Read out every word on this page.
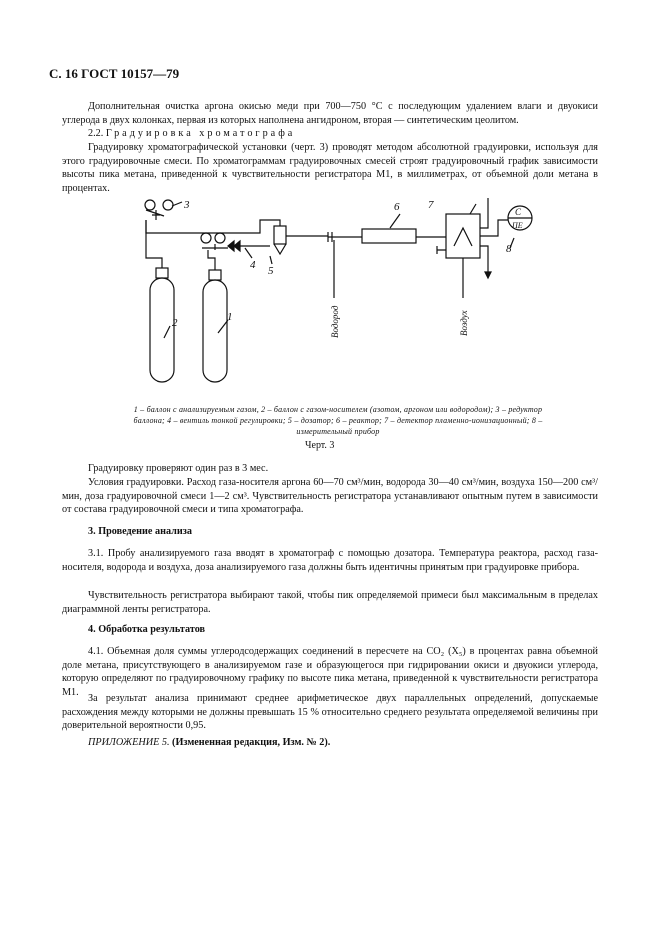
С. 16 ГОСТ 10157—79
Дополнительная очистка аргона окисью меди при 700—750 °С с последующим удалением влаги и двуокиси углерода в двух колонках, первая из которых наполнена ангидроном, вторая — синтетическим цеолитом.
2.2. Градуировка хроматографа
Градуировку хроматографической установки (черт. 3) проводят методом абсолютной градуировки, используя для этого градуировочные смеси. По хроматограммам градуировочных смесей строят градуировочный график зависимости высоты пика метана, приведенной к чувствительности регистратора М1, в миллиметрах, от объемной доли метана в процентах.
2	1
3
4 5
6	7
8
С
ПЕ
Водород	Воздух
1 – баллон с анализируемым газом, 2 – баллон с газом-носителем (азотом, аргоном или водородом); 3 – редуктор баллона; 4 – вентиль тонкой регулировки; 5 – дозатор; 6 – реактор; 7 – детектор пламенно-ионизационный; 8 – измерительный прибор
Черт. 3
Градуировку проверяют один раз в 3 мес.
Условия градуировки. Расход газа-носителя аргона 60—70 см³/мин, водорода 30—40 см³/мин, воздуха 150—200 см³/мин, доза градуировочной смеси 1—2 см³. Чувствительность регистратора устанавливают опытным путем в зависимости от состава градуировочной смеси и типа хроматографа.
3. Проведение анализа
3.1. Пробу анализируемого газа вводят в хроматограф с помощью дозатора. Температура реактора, расход газа-носителя, водорода и воздуха, доза анализируемого газа должны быть идентичны принятым при градуировке прибора.
Чувствительность регистратора выбирают такой, чтобы пик определяемой примеси был максимальным в пределах диаграммной ленты регистратора.
4. Обработка результатов
4.1. Объемная доля суммы углеродсодержащих соединений в пересчете на СО₂ (Х₅) в процентах равна объемной доле метана, присутствующего в анализируемом газе и образующегося при гидрировании окиси и двуокиси углерода, которую определяют по градуировочному графику по высоте пика метана, приведенной к чувствительности регистратора М1.
За результат анализа принимают среднее арифметическое двух параллельных определений, допускаемые расхождения между которыми не должны превышать 15 % относительно среднего результата определяемой величины при доверительной вероятности 0,95.
ПРИЛОЖЕНИЕ 5. (Измененная редакция, Изм. № 2).
